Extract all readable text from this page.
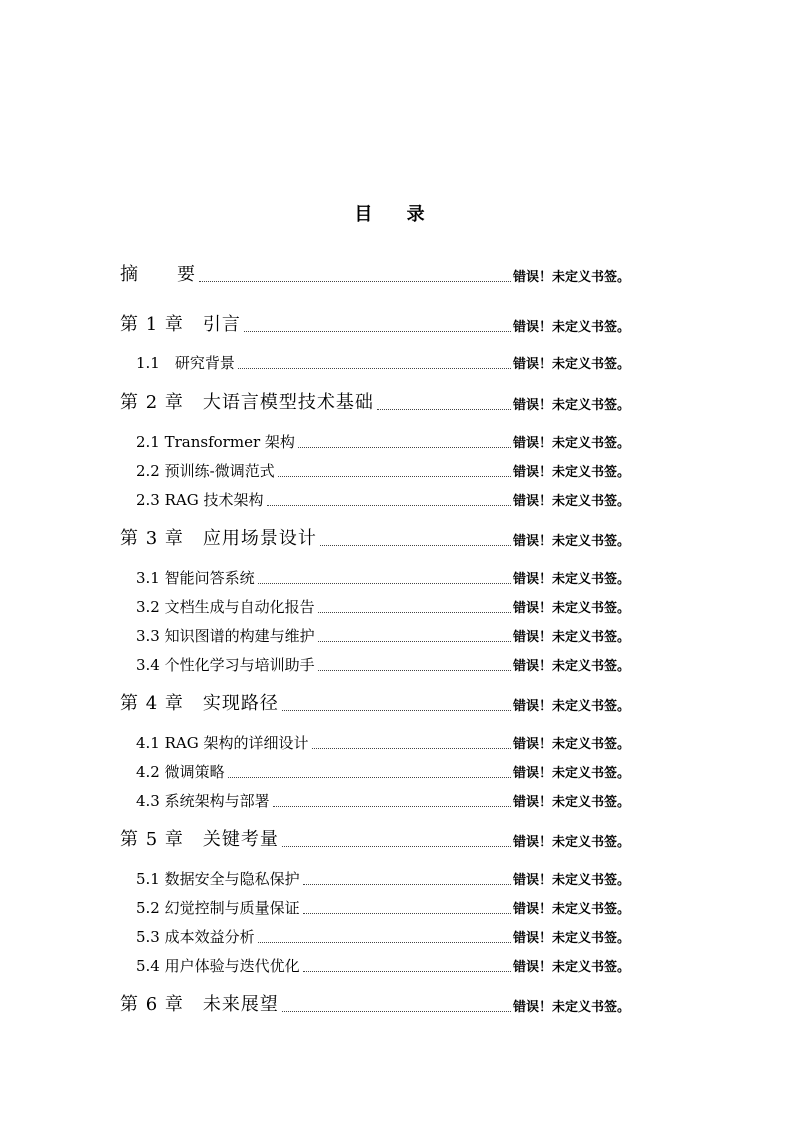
目 录
摘　　要	错误！未定义书签。
第 1 章　引言	错误！未定义书签。
1.1　研究背景	错误！未定义书签。
第 2 章　大语言模型技术基础	错误！未定义书签。
2.1 Transformer 架构	错误！未定义书签。
2.2 预训练-微调范式	错误！未定义书签。
2.3 RAG 技术架构	错误！未定义书签。
第 3 章　应用场景设计	错误！未定义书签。
3.1 智能问答系统	错误！未定义书签。
3.2 文档生成与自动化报告	错误！未定义书签。
3.3 知识图谱的构建与维护	错误！未定义书签。
3.4 个性化学习与培训助手	错误！未定义书签。
第 4 章　实现路径	错误！未定义书签。
4.1 RAG 架构的详细设计	错误！未定义书签。
4.2 微调策略	错误！未定义书签。
4.3 系统架构与部署	错误！未定义书签。
第 5 章　关键考量	错误！未定义书签。
5.1 数据安全与隐私保护	错误！未定义书签。
5.2 幻觉控制与质量保证	错误！未定义书签。
5.3 成本效益分析	错误！未定义书签。
5.4 用户体验与迭代优化	错误！未定义书签。
第 6 章　未来展望	错误！未定义书签。
